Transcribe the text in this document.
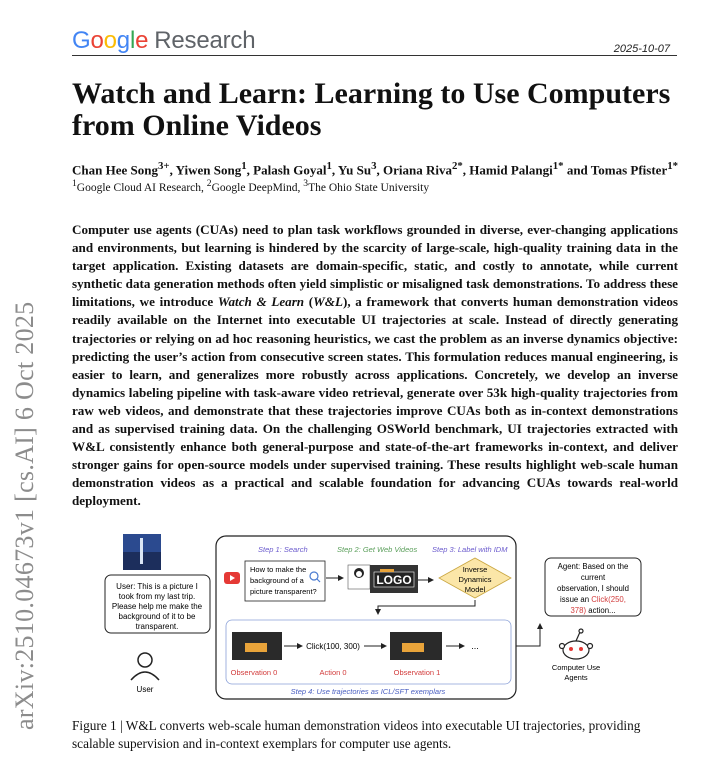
Google Research	2025-10-07
arXiv:2510.04673v1 [cs.AI] 6 Oct 2025
Watch and Learn: Learning to Use Computers from Online Videos
Chan Hee Song$^{3+}$, Yiwen Song$^1$, Palash Goyal$^1$, Yu Su$^3$, Oriana Riva$^{2*}$, Hamid Palangi$^{1*}$ and Tomas Pfister$^{1*}$
$^1$Google Cloud AI Research, $^2$Google DeepMind, $^3$The Ohio State University

Computer use agents (CUAs) need to plan task workflows grounded in diverse, ever-changing applications and environments, but learning is hindered by the scarcity of large-scale, high-quality training data in the target application. Existing datasets are domain-specific, static, and costly to annotate, while current synthetic data generation methods often yield simplistic or misaligned task demonstrations. To address these limitations, we introduce Watch & Learn (W&L), a framework that converts human demonstration videos readily available on the Internet into executable UI trajectories at scale. Instead of directly generating trajectories or relying on ad hoc reasoning heuristics, we cast the problem as an inverse dynamics objective: predicting the user’s action from consecutive screen states. This formulation reduces manual engineering, is easier to learn, and generalizes more robustly across applications. Concretely, we develop an inverse dynamics labeling pipeline with task-aware video retrieval, generate over 53k high-quality trajectories from raw web videos, and demonstrate that these trajectories improve CUAs both as in-context demonstrations and as supervised training data. On the challenging OSWorld benchmark, UI trajectories extracted with W&L consistently enhance both general-purpose and state-of-the-art frameworks in-context, and deliver stronger gains for open-source models under supervised training. These results highlight web-scale human demonstration videos as a practical and scalable foundation for advancing CUAs towards real-world deployment.

User: This is a picture I
took from my last trip.
Please help me make the
background of it to be
transparent.
User
Step 1: Search	Step 2: Get Web Videos Step 3: Label with IDM
How to make the
background of a
picture transparent?
LOGO
Inverse
Dynamics
Model
Click(100, 300)	...
Observation 0	Action 0	Observation 1
Step 4: Use trajectories as ICL/SFT exemplars
Agent: Based on the
current
observation, I should
issue an Click(250,
378) action...
Computer Use
Agents

Figure 1 | W&L converts web-scale human demonstration videos into executable UI trajectories, providing scalable supervision and in-context exemplars for computer use agents.
